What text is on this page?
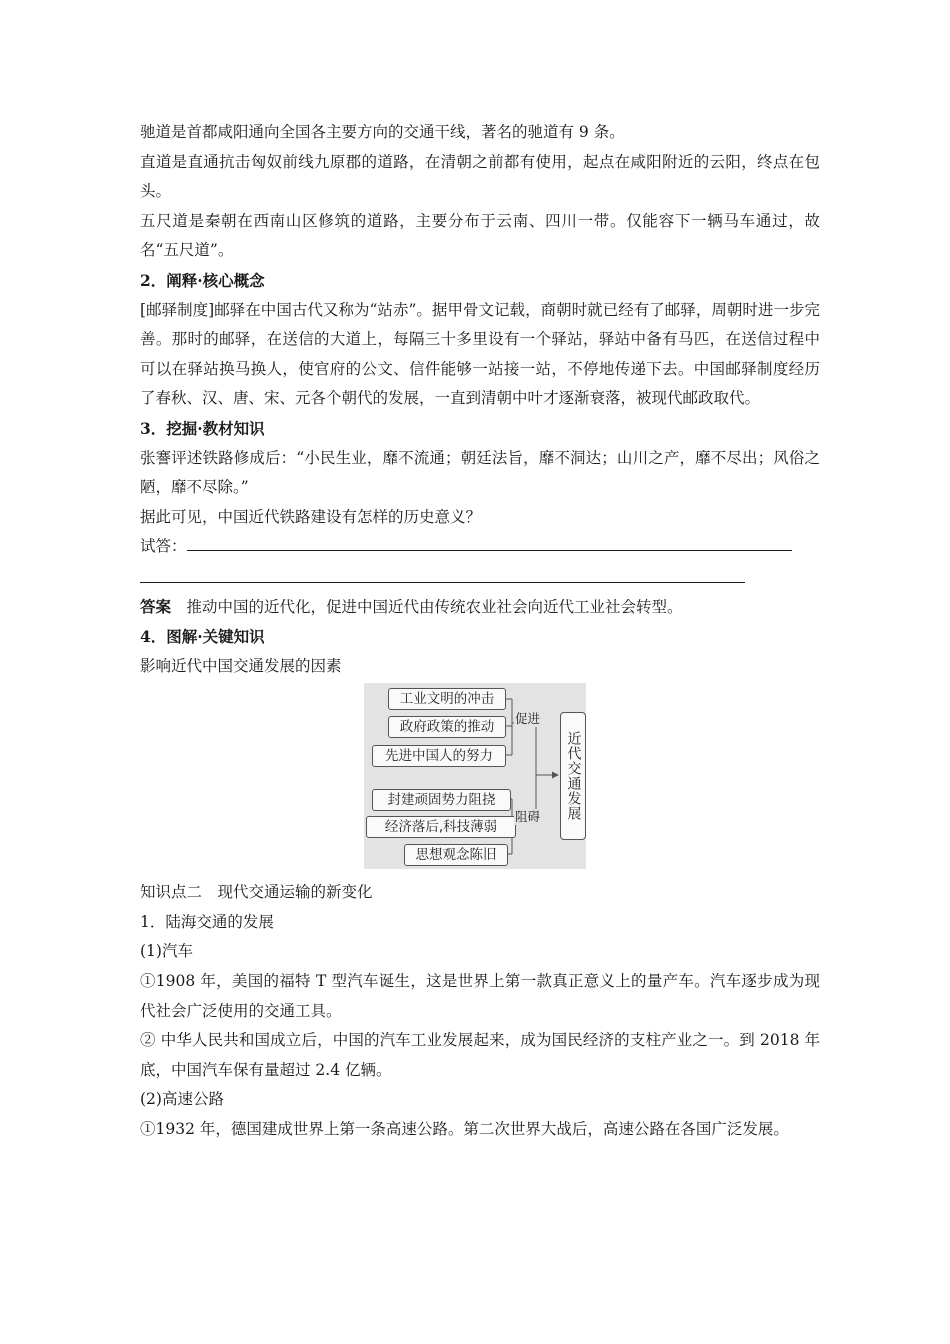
驰道是首都咸阳通向全国各主要方向的交通干线，著名的驰道有 9 条。

直道是直通抗击匈奴前线九原郡的道路，在清朝之前都有使用，起点在咸阳附近的云阳，终点在包头。

五尺道是秦朝在西南山区修筑的道路，主要分布于云南、四川一带。仅能容下一辆马车通过，故名“五尺道”。

2．阐释·核心概念

[邮驿制度]邮驿在中国古代又称为“站赤”。据甲骨文记载，商朝时就已经有了邮驿，周朝时进一步完善。那时的邮驿，在送信的大道上，每隔三十多里设有一个驿站，驿站中备有马匹，在送信过程中可以在驿站换马换人，使官府的公文、信件能够一站接一站，不停地传递下去。中国邮驿制度经历了春秋、汉、唐、宋、元各个朝代的发展，一直到清朝中叶才逐渐衰落，被现代邮政取代。

3．挖掘·教材知识

张謇评述铁路修成后：“小民生业，靡不流通；朝廷法旨，靡不洞达；山川之产，靡不尽出；风俗之陋，靡不尽除。”

据此可见，中国近代铁路建设有怎样的历史意义？

试答：

答案　 推动中国的近代化，促进中国近代由传统农业社会向近代工业社会转型。

4．图解·关键知识

影响近代中国交通发展的因素

工业文明的冲击
政府政策的推动
先进中国人的努力
促进
封建顽固势力阻挠
经济落后,科技薄弱
思想观念陈旧
阻碍	近代交通发展

知识点二　现代交通运输的新变化

1．陆海交通的发展

(1)汽车

①1908 年，美国的福特 T 型汽车诞生，这是世界上第一款真正意义上的量产车。汽车逐步成为现代社会广泛使用的交通工具。

② 中华人民共和国成立后，中国的汽车工业发展起来，成为国民经济的支柱产业之一。到 2018 年底，中国汽车保有量超过 2.4 亿辆。

(2)高速公路

①1932 年，德国建成世界上第一条高速公路。第二次世界大战后，高速公路在各国广泛发展。
